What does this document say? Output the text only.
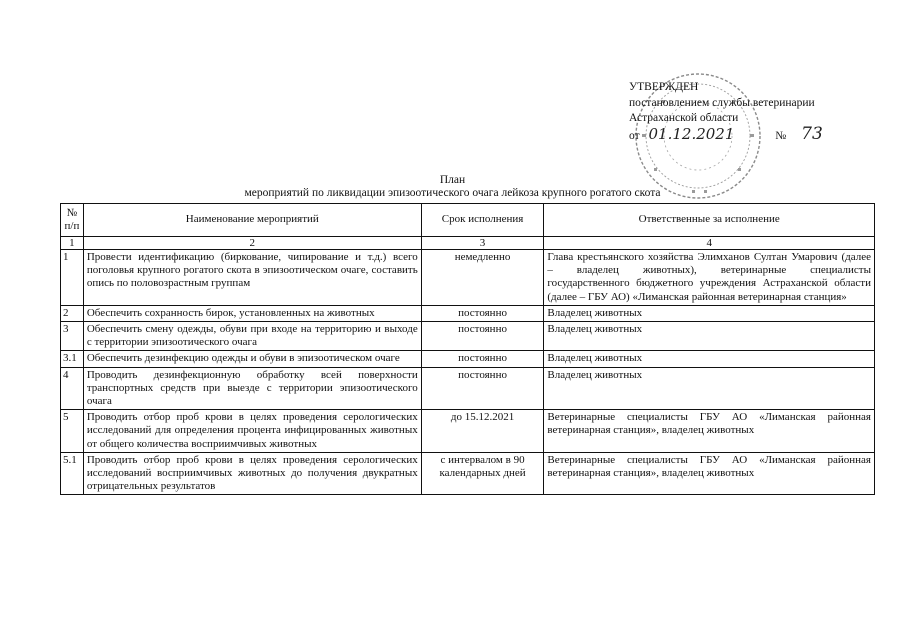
УТВЕРЖДЕН
постановлением службы ветеринарии
Астраханской области
от 01.12.2021	№ 73
План
мероприятий по ликвидации эпизоотического очага лейкоза крупного рогатого скота
№ п/п	Наименование мероприятий	Срок исполнения	Ответственные за исполнение
1	2	3	4
1	Провести идентификацию (биркование, чипирование и т.д.) всего поголовья крупного рогатого скота в эпизоотическом очаге, составить опись по половозрастным группам	немедленно	Глава крестьянского хозяйства Элимханов Султан Умарович (далее – владелец животных), ветеринарные специалисты государственного бюджетного учреждения Астраханской области (далее – ГБУ АО) «Лиманская районная ветеринарная станция»
2	Обеспечить сохранность бирок, установленных на животных	постоянно	Владелец животных
3	Обеспечить смену одежды, обуви при входе на территорию и выходе с территории эпизоотического очага	постоянно	Владелец животных
3.1	Обеспечить дезинфекцию одежды и обуви в эпизоотическом очаге	постоянно	Владелец животных
4	Проводить дезинфекционную обработку всей поверхности транспортных средств при выезде с территории эпизоотического очага	постоянно	Владелец животных
5	Проводить отбор проб крови в целях проведения серологических исследований для определения процента инфицированных животных от общего количества восприимчивых животных	до 15.12.2021	Ветеринарные специалисты ГБУ АО «Лиманская районная ветеринарная станция», владелец животных
5.1	Проводить отбор проб крови в целях проведения серологических исследований восприимчивых животных до получения двукратных отрицательных результатов	с интервалом в 90 календарных дней	Ветеринарные специалисты ГБУ АО «Лиманская районная ветеринарная станция», владелец животных
